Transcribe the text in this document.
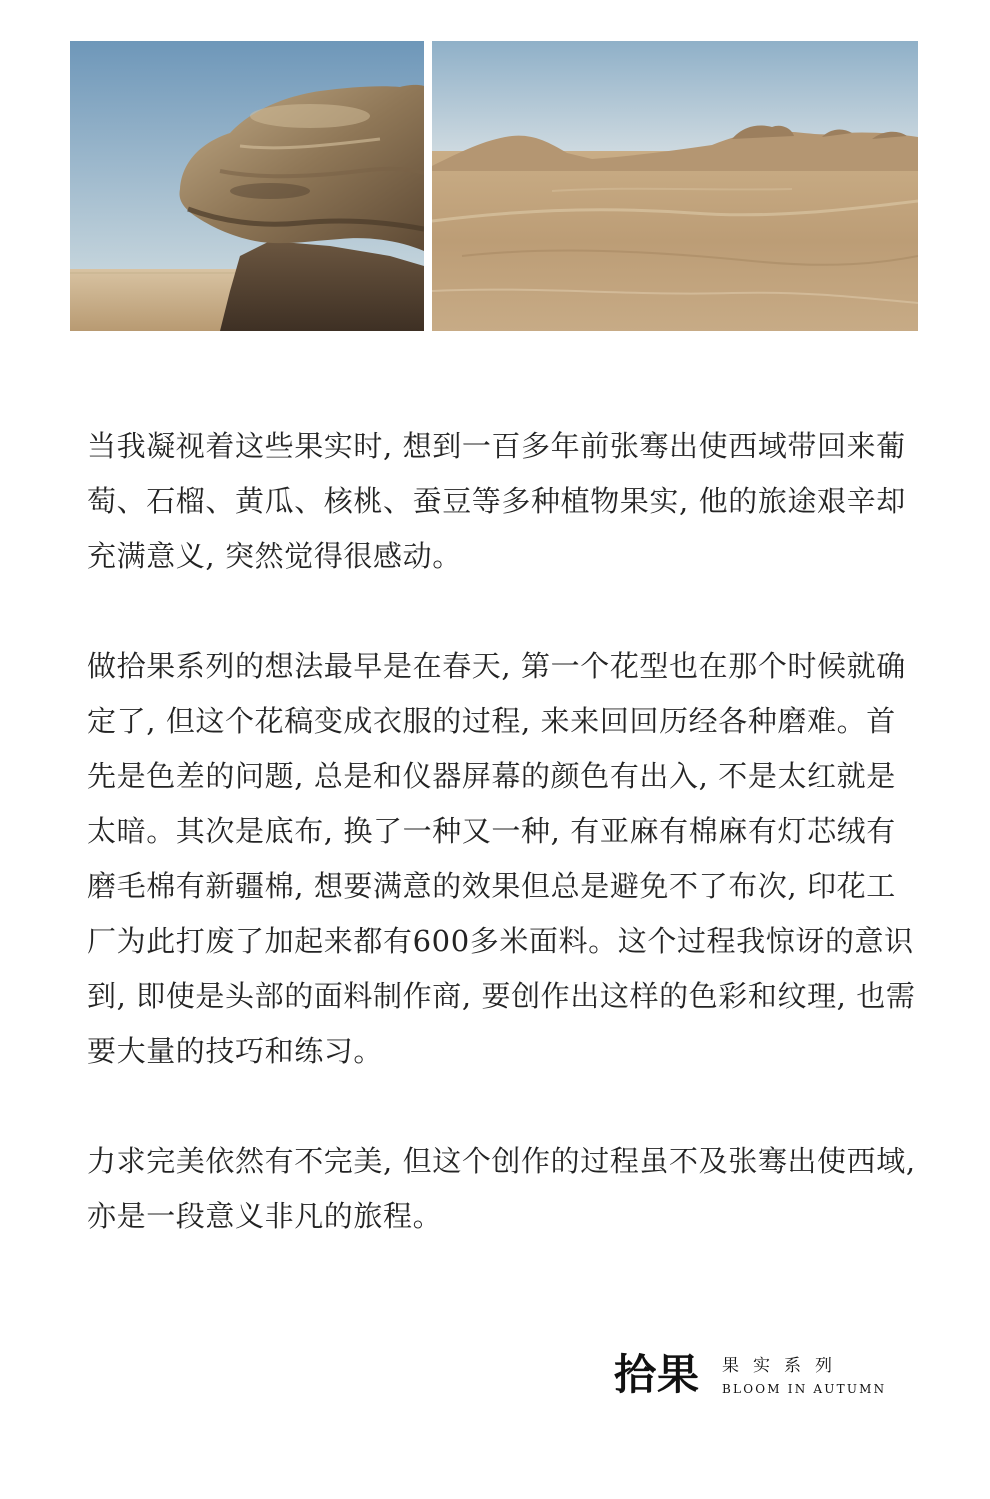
当我凝视着这些果实时, 想到一百多年前张骞出使西域带回来葡萄、石榴、黄瓜、核桃、蚕豆等多种植物果实, 他的旅途艰辛却充满意义, 突然觉得很感动。

做拾果系列的想法最早是在春天, 第一个花型也在那个时候就确定了, 但这个花稿变成衣服的过程, 来来回回历经各种磨难。首先是色差的问题, 总是和仪器屏幕的颜色有出入, 不是太红就是太暗。其次是底布, 换了一种又一种, 有亚麻有棉麻有灯芯绒有磨毛棉有新疆棉, 想要满意的效果但总是避免不了布次, 印花工厂为此打废了加起来都有600多米面料。这个过程我惊讶的意识到, 即使是头部的面料制作商, 要创作出这样的色彩和纹理, 也需要大量的技巧和练习。

力求完美依然有不完美, 但这个创作的过程虽不及张骞出使西域, 亦是一段意义非凡的旅程。

拾果 果实系列
BLOOM IN AUTUMN
